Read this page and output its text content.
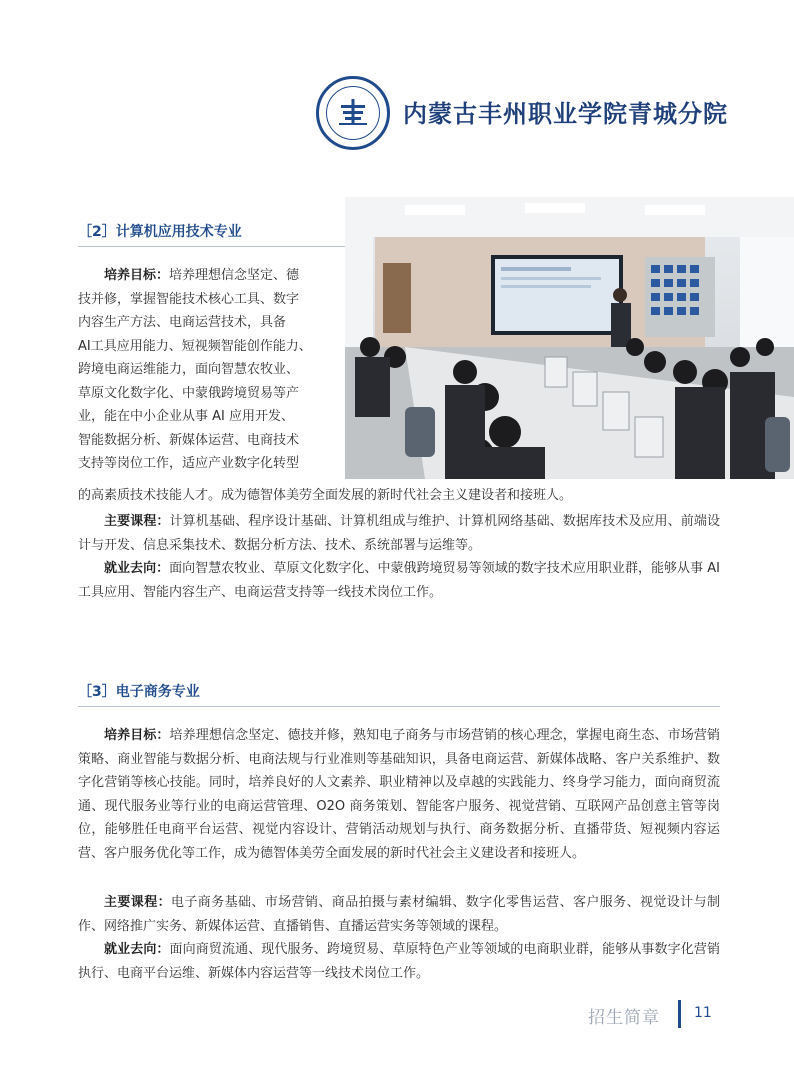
内蒙古丰州职业学院青城分院
［2］计算机应用技术专业
培养目标：培养理想信念坚定、德
技并修，掌握智能技术核心工具、数字
内容生产方法、电商运营技术，具备
AI工具应用能力、短视频智能创作能力、
跨境电商运维能力，面向智慧农牧业、
草原文化数字化、中蒙俄跨境贸易等产
业，能在中小企业从事 AI 应用开发、
智能数据分析、新媒体运营、电商技术
支持等岗位工作，适应产业数字化转型
的高素质技术技能人才。成为德智体美劳全面发展的新时代社会主义建设者和接班人。
主要课程：计算机基础、程序设计基础、计算机组成与维护、计算机网络基础、数据库技术及应用、前端设计与开发、信息采集技术、数据分析方法、技术、系统部署与运维等。
就业去向：面向智慧农牧业、草原文化数字化、中蒙俄跨境贸易等领域的数字技术应用职业群，能够从事 AI 工具应用、智能内容生产、电商运营支持等一线技术岗位工作。
［3］电子商务专业
培养目标：培养理想信念坚定、德技并修，熟知电子商务与市场营销的核心理念，掌握电商生态、市场营销策略、商业智能与数据分析、电商法规与行业准则等基础知识，具备电商运营、新媒体战略、客户关系维护、数字化营销等核心技能。同时，培养良好的人文素养、职业精神以及卓越的实践能力、终身学习能力，面向商贸流通、现代服务业等行业的电商运营管理、O2O 商务策划、智能客户服务、视觉营销、互联网产品创意主管等岗位，能够胜任电商平台运营、视觉内容设计、营销活动规划与执行、商务数据分析、直播带货、短视频内容运营、客户服务优化等工作，成为德智体美劳全面发展的新时代社会主义建设者和接班人。
主要课程：电子商务基础、市场营销、商品拍摄与素材编辑、数字化零售运营、客户服务、视觉设计与制作、网络推广实务、新媒体运营、直播销售、直播运营实务等领域的课程。
就业去向：面向商贸流通、现代服务、跨境贸易、草原特色产业等领域的电商职业群，能够从事数字化营销执行、电商平台运维、新媒体内容运营等一线技术岗位工作。
招生简章 11
